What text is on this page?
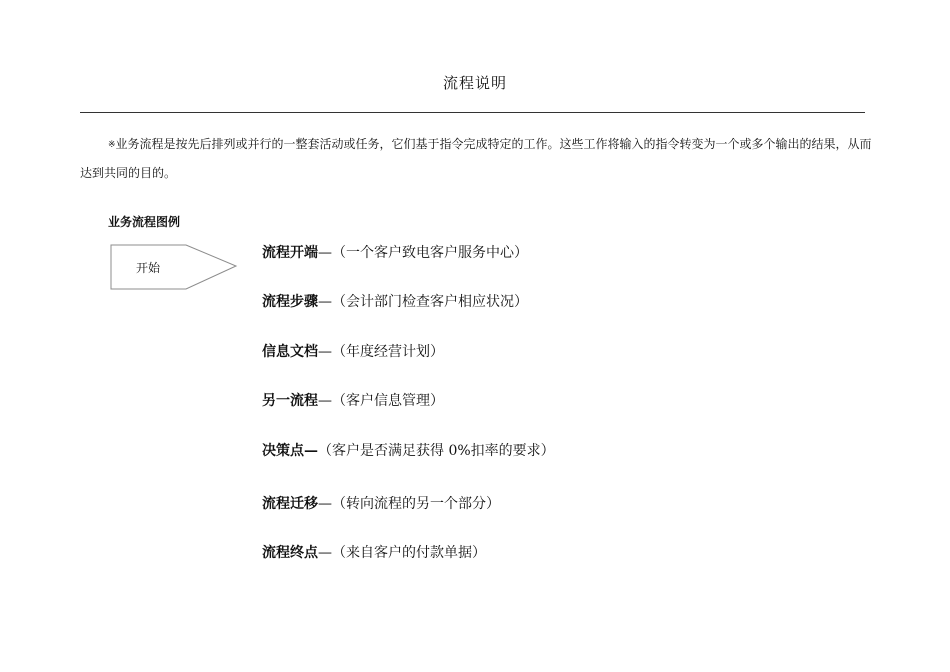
流程说明

※业务流程是按先后排列或并行的一整套活动或任务，它们基于指令完成特定的工作。这些工作将输入的指令转变为一个或多个输出的结果，从而达到共同的目的。

业务流程图例
开始
流程开端—（一个客户致电客户服务中心）
流程步骤—（会计部门检查客户相应状况）
信息文档—（年度经营计划）
另一流程—（客户信息管理）
决策点—（客户是否满足获得 0%扣率的要求）
流程迁移—（转向流程的另一个部分）
流程终点—（来自客户的付款单据）
